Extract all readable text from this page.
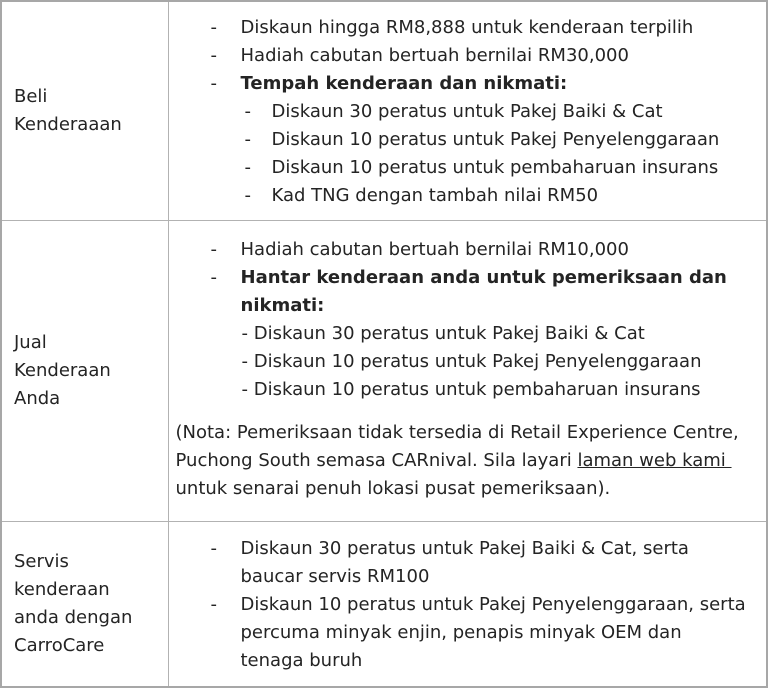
Beli
Kenderaaan

-	Diskaun hingga RM8,888 untuk kenderaan terpilih
-	Hadiah cabutan bertuah bernilai RM30,000
-	Tempah kenderaan dan nikmati:
-	Diskaun 30 peratus untuk Pakej Baiki & Cat
-	Diskaun 10 peratus untuk Pakej Penyelenggaraan
-	Diskaun 10 peratus untuk pembaharuan insurans
-	Kad TNG dengan tambah nilai RM50

Jual
Kenderaan
Anda

-	Hadiah cabutan bertuah bernilai RM10,000
-	Hantar kenderaan anda untuk pemeriksaan dan
nikmati:
- Diskaun 30 peratus untuk Pakej Baiki & Cat
- Diskaun 10 peratus untuk Pakej Penyelenggaraan
- Diskaun 10 peratus untuk pembaharuan insurans
(Nota: Pemeriksaan tidak tersedia di Retail Experience Centre,
Puchong South semasa CARnival. Sila layari laman web kami
untuk senarai penuh lokasi pusat pemeriksaan).

Servis
kenderaan
anda dengan
CarroCare

-	Diskaun 30 peratus untuk Pakej Baiki & Cat, serta
baucar servis RM100
-	Diskaun 10 peratus untuk Pakej Penyelenggaraan, serta
percuma minyak enjin, penapis minyak OEM dan
tenaga buruh
